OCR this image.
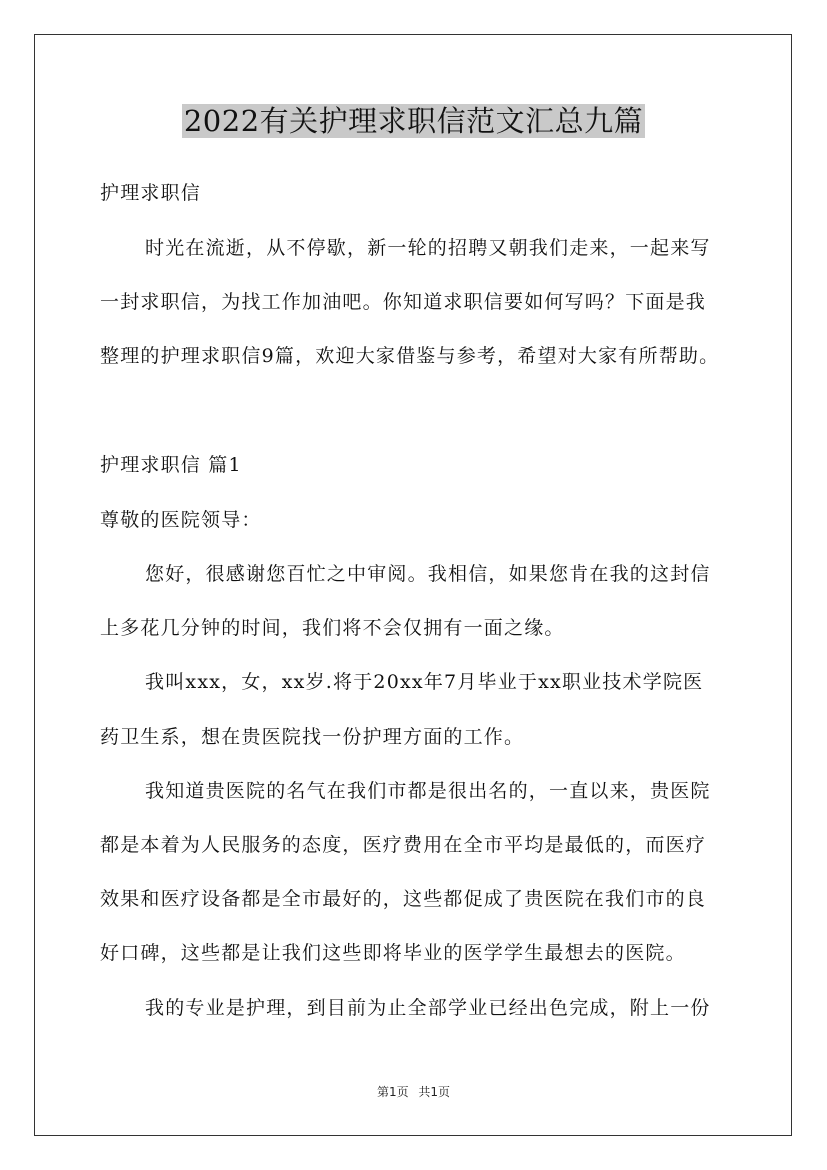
2022有关护理求职信范文汇总九篇
护理求职信
时光在流逝，从不停歇，新一轮的招聘又朝我们走来，一起来写
一封求职信，为找工作加油吧。你知道求职信要如何写吗？下面是我
整理的护理求职信9篇，欢迎大家借鉴与参考，希望对大家有所帮助。
护理求职信 篇1
尊敬的医院领导：
您好，很感谢您百忙之中审阅。我相信，如果您肯在我的这封信
上多花几分钟的时间，我们将不会仅拥有一面之缘。
我叫xxx，女，xx岁.将于20xx年7月毕业于xx职业技术学院医
药卫生系，想在贵医院找一份护理方面的工作。
我知道贵医院的名气在我们市都是很出名的，一直以来，贵医院
都是本着为人民服务的态度，医疗费用在全市平均是最低的，而医疗
效果和医疗设备都是全市最好的，这些都促成了贵医院在我们市的良
好口碑，这些都是让我们这些即将毕业的医学学生最想去的医院。
我的专业是护理，到目前为止全部学业已经出色完成，附上一份
第1页 共1页
